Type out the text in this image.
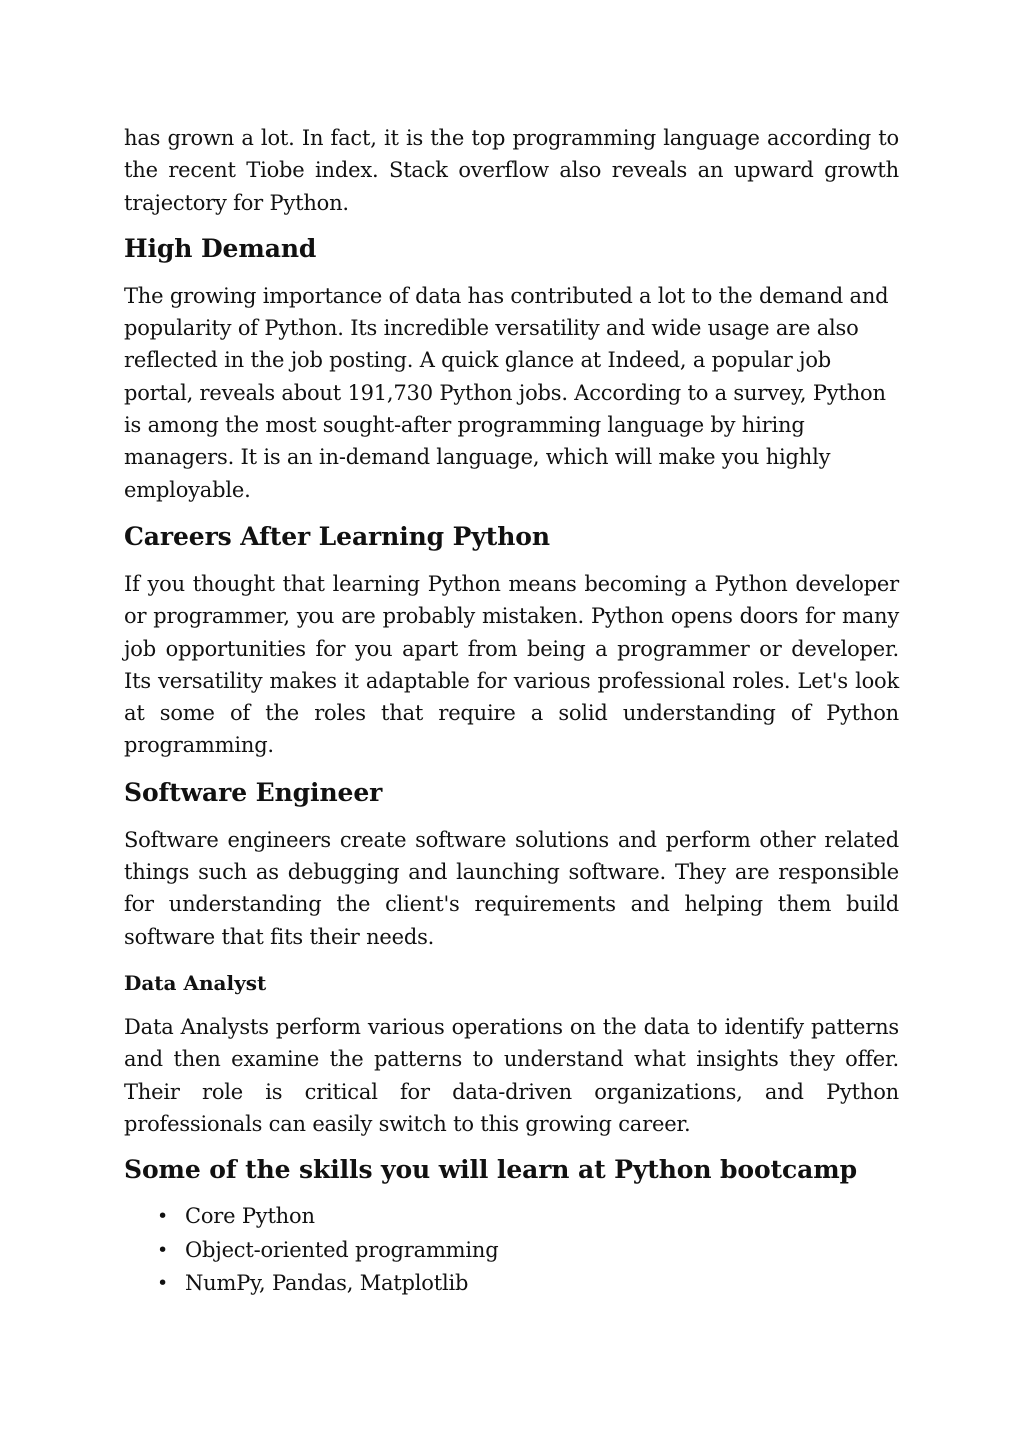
has grown a lot. In fact, it is the top programming language according to the recent Tiobe index. Stack overflow also reveals an upward growth trajectory for Python.

High Demand

The growing importance of data has contributed a lot to the demand and popularity of Python. Its incredible versatility and wide usage are also reflected in the job posting. A quick glance at Indeed, a popular job portal, reveals about 191,730 Python jobs. According to a survey, Python is among the most sought-after programming language by hiring managers. It is an in-demand language, which will make you highly employable.

Careers After Learning Python

If you thought that learning Python means becoming a Python developer or programmer, you are probably mistaken. Python opens doors for many job opportunities for you apart from being a programmer or developer. Its versatility makes it adaptable for various professional roles. Let's look at some of the roles that require a solid understanding of Python programming.

Software Engineer

Software engineers create software solutions and perform other related things such as debugging and launching software. They are responsible for understanding the client's requirements and helping them build software that fits their needs.

Data Analyst

Data Analysts perform various operations on the data to identify patterns and then examine the patterns to understand what insights they offer. Their role is critical for data-driven organizations, and Python professionals can easily switch to this growing career.

Some of the skills you will learn at Python bootcamp
• Core Python
• Object-oriented programming
• NumPy, Pandas, Matplotlib
